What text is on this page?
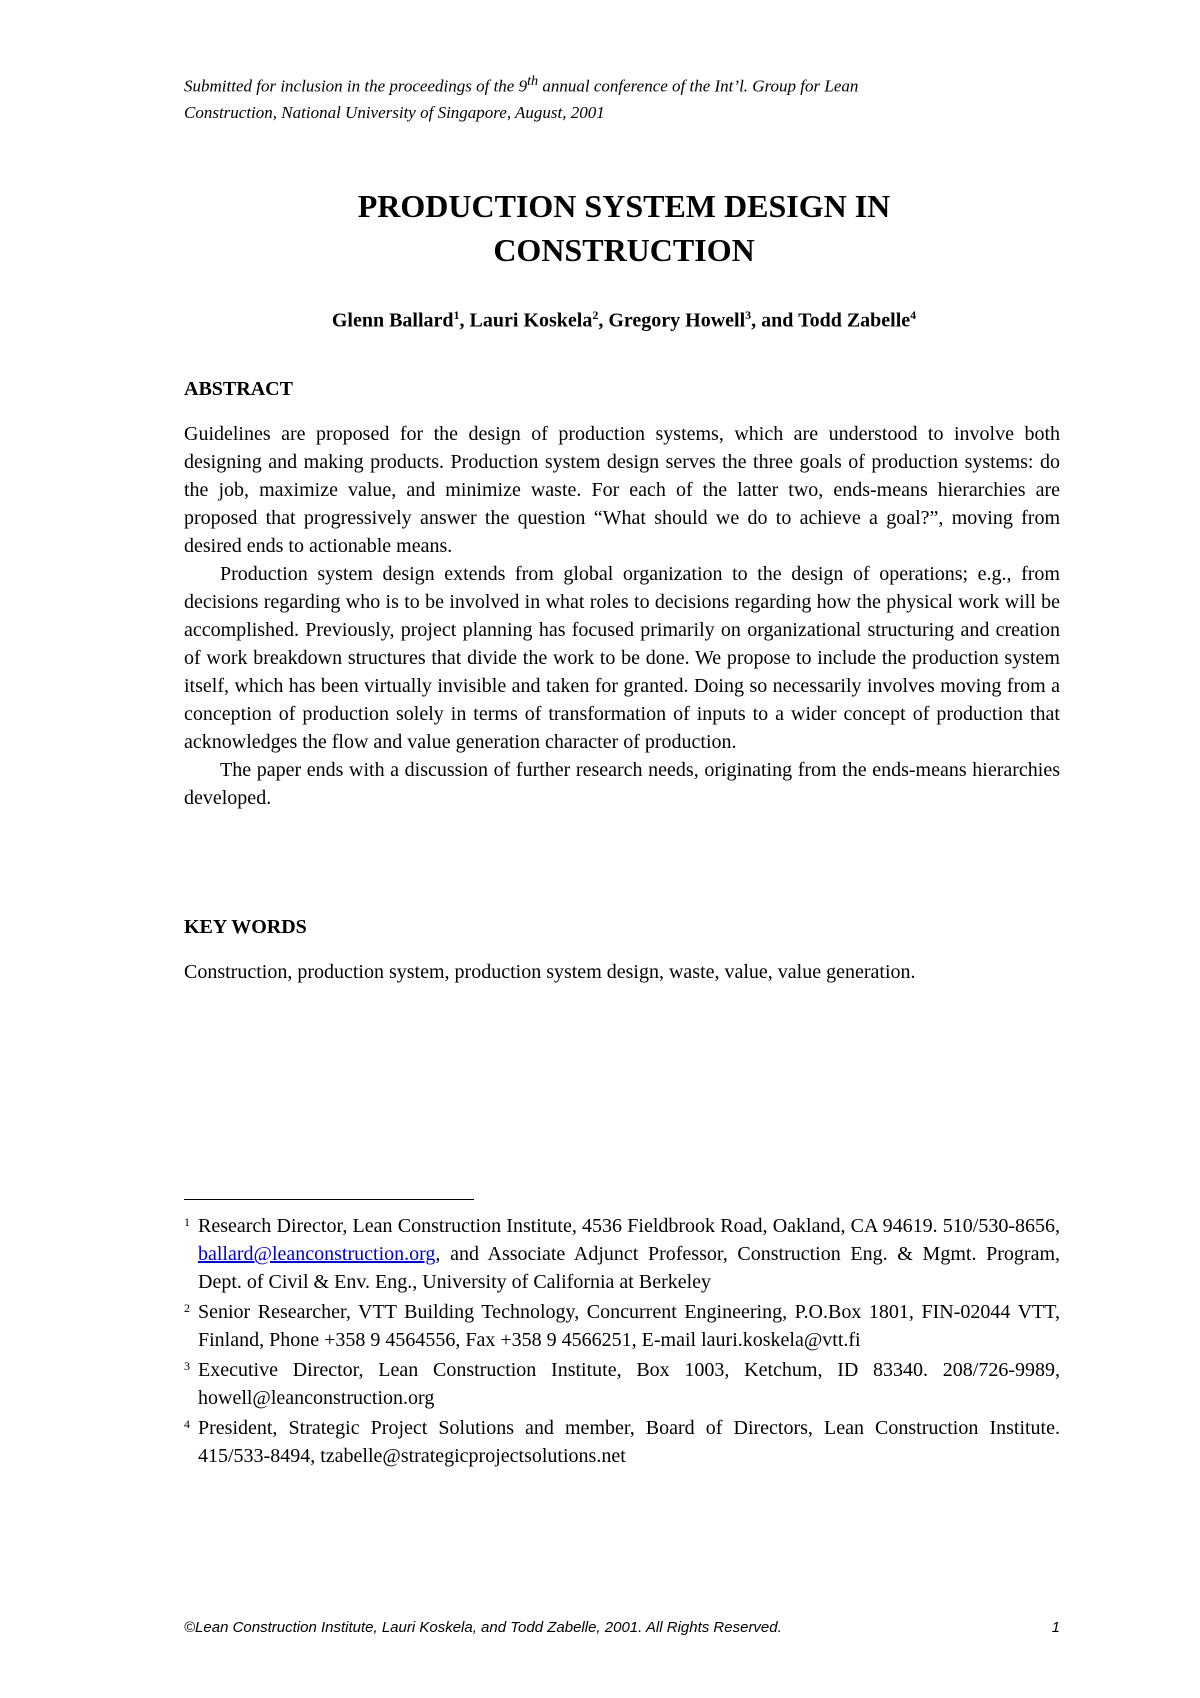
Submitted for inclusion in the proceedings of the 9th annual conference of the Int’l. Group for Lean
Construction, National University of Singapore, August, 2001
PRODUCTION SYSTEM DESIGN IN
CONSTRUCTION
Glenn Ballard$^1$, Lauri Koskela$^2$, Gregory Howell$^3$, and Todd Zabelle$^4$
ABSTRACT

Guidelines are proposed for the design of production systems, which are understood to involve both designing and making products. Production system design serves the three goals of production systems: do the job, maximize value, and minimize waste. For each of the latter two, ends-means hierarchies are proposed that progressively answer the question “What should we do to achieve a goal?”, moving from desired ends to actionable means.

Production system design extends from global organization to the design of operations; e.g., from decisions regarding who is to be involved in what roles to decisions regarding how the physical work will be accomplished. Previously, project planning has focused primarily on organizational structuring and creation of work breakdown structures that divide the work to be done. We propose to include the production system itself, which has been virtually invisible and taken for granted. Doing so necessarily involves moving from a conception of production solely in terms of transformation of inputs to a wider concept of production that acknowledges the flow and value generation character of production.

The paper ends with a discussion of further research needs, originating from the ends-means hierarchies developed.

KEY WORDS
Construction, production system, production system design, waste, value, value generation.
1 Research Director, Lean Construction Institute, 4536 Fieldbrook Road, Oakland, CA 94619. 510/530-8656, ballard@leanconstruction.org, and Associate Adjunct Professor, Construction Eng. & Mgmt. Program, Dept. of Civil & Env. Eng., University of California at Berkeley
2 Senior Researcher, VTT Building Technology, Concurrent Engineering, P.O.Box 1801, FIN-02044 VTT, Finland, Phone +358 9 4564556, Fax +358 9 4566251, E-mail lauri.koskela@vtt.fi
3 Executive Director, Lean Construction Institute, Box 1003, Ketchum, ID 83340. 208/726-9989, howell@leanconstruction.org
4 President, Strategic Project Solutions and member, Board of Directors, Lean Construction Institute. 415/533-8494, tzabelle@strategicprojectsolutions.net
©Lean Construction Institute, Lauri Koskela, and Todd Zabelle, 2001. All Rights Reserved.	1
